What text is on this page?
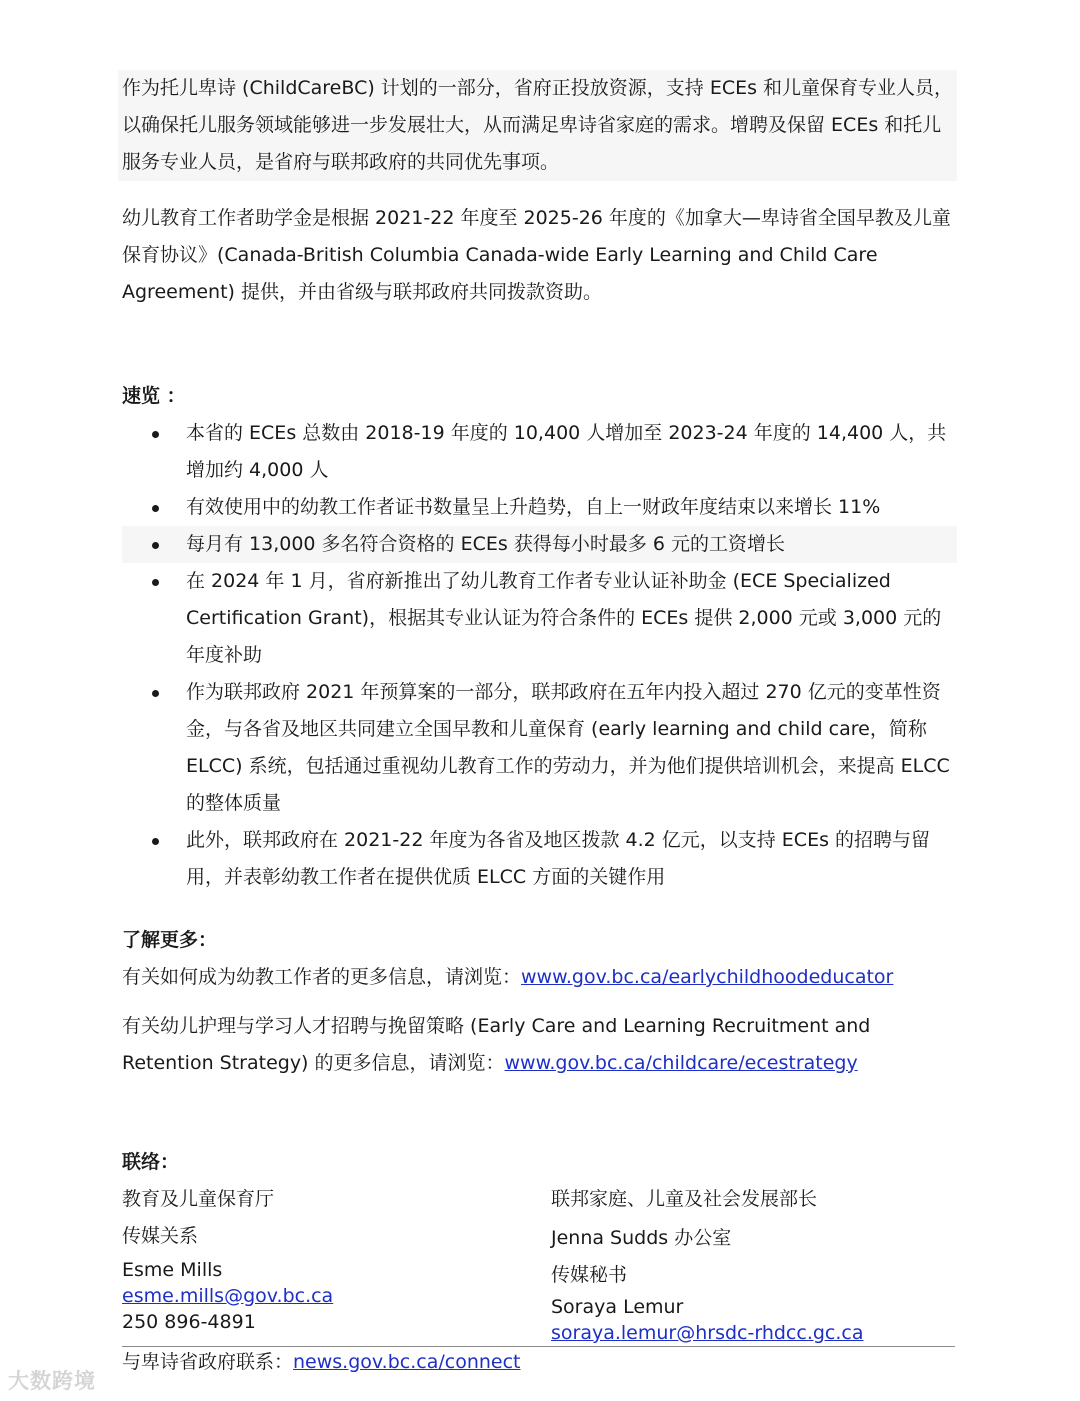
作为托儿卑诗 (ChildCareBC) 计划的一部分，省府正投放资源，支持 ECEs 和儿童保育专业人员，以确保托儿服务领域能够进一步发展壮大，从而满足卑诗省家庭的需求。增聘及保留 ECEs 和托儿服务专业人员，是省府与联邦政府的共同优先事项。

幼儿教育工作者助学金是根据 2021-22 年度至 2025-26 年度的《加拿大—卑诗省全国早教及儿童保育协议》(Canada-British Columbia Canada-wide Early Learning and Child Care Agreement) 提供，并由省级与联邦政府共同拨款资助。

速览 ：

本省的 ECEs 总数由 2018-19 年度的 10,400 人增加至 2023-24 年度的 14,400 人，共增加约 4,000 人
有效使用中的幼教工作者证书数量呈上升趋势，自上一财政年度结束以来增长 11%
每月有 13,000 多名符合资格的 ECEs 获得每小时最多 6 元的工资增长
在 2024 年 1 月，省府新推出了幼儿教育工作者专业认证补助金 (ECE Specialized Certification Grant)，根据其专业认证为符合条件的 ECEs 提供 2,000 元或 3,000 元的年度补助
作为联邦政府 2021 年预算案的一部分，联邦政府在五年内投入超过 270 亿元的变革性资金，与各省及地区共同建立全国早教和儿童保育 (early learning and child care，简称 ELCC) 系统，包括通过重视幼儿教育工作的劳动力，并为他们提供培训机会，来提高 ELCC 的整体质量
此外，联邦政府在 2021-22 年度为各省及地区拨款 4.2 亿元，以支持 ECEs 的招聘与留用，并表彰幼教工作者在提供优质 ELCC 方面的关键作用

了解更多：

有关如何成为幼教工作者的更多信息，请浏览：www.gov.bc.ca/earlychildhoodeducator

有关幼儿护理与学习人才招聘与挽留策略 (Early Care and Learning Recruitment and Retention Strategy) 的更多信息，请浏览：www.gov.bc.ca/childcare/ecestrategy

联络：

教育及儿童保育厅

传媒关系

Esme Mills

esme.mills@gov.bc.ca

250 896-4891

联邦家庭、儿童及社会发展部长

Jenna Sudds 办公室

传媒秘书

Soraya Lemur

soraya.lemur@hrsdc-rhdcc.gc.ca

与卑诗省政府联系：news.gov.bc.ca/connect
大数跨境
